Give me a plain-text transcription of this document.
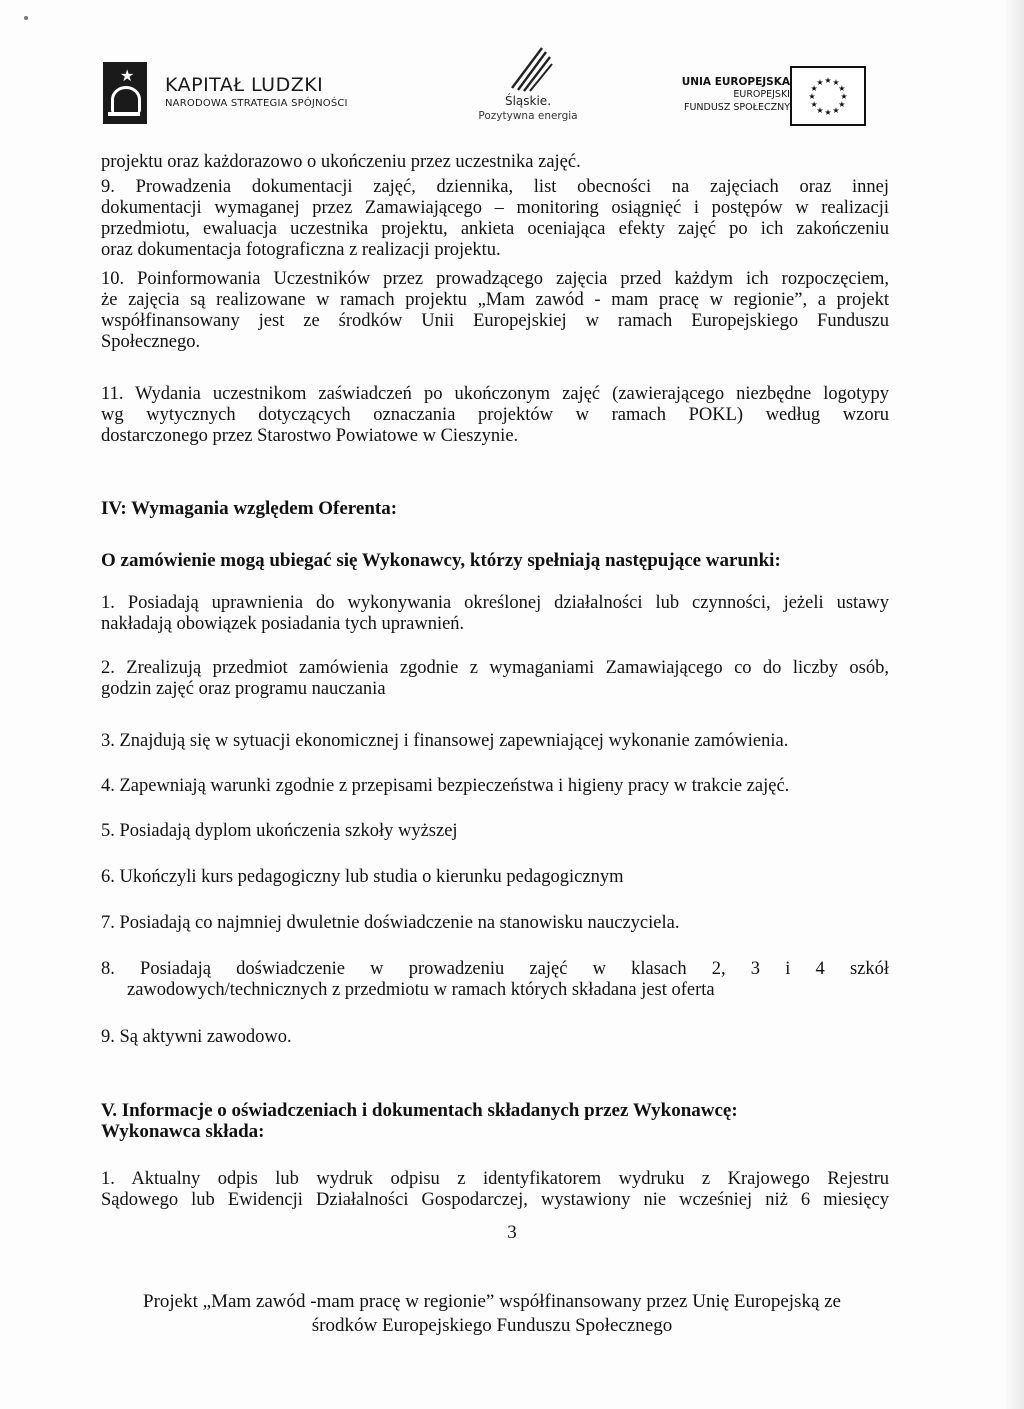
★ KAPITAŁ LUDZKI
NARODOWA STRATEGIA SPÓJNOŚCI	Śląskie.
Pozytywna energia
UNIA EUROPEJSKA
EUROPEJSKI
FUNDUSZ SPOŁECZNY
★ ★
★
★
★
★
★
★
★
★
★
★
projektu oraz każdorazowo o ukończeniu przez uczestnika zajęć.
9. Prowadzenia dokumentacji zajęć, dziennika, list obecności na zajęciach oraz innej
dokumentacji wymaganej przez Zamawiającego – monitoring osiągnięć i postępów w realizacji
przedmiotu, ewaluacja uczestnika projektu, ankieta oceniająca efekty zajęć po ich zakończeniu
oraz dokumentacja fotograficzna z realizacji projektu.
10. Poinformowania Uczestników przez prowadzącego zajęcia przed każdym ich rozpoczęciem,
że zajęcia są realizowane w ramach projektu „Mam zawód - mam pracę w regionie”, a projekt
współfinansowany jest ze środków Unii Europejskiej w ramach Europejskiego Funduszu
Społecznego.
11. Wydania uczestnikom zaświadczeń po ukończonym zajęć (zawierającego niezbędne logotypy
wg wytycznych dotyczących oznaczania projektów w ramach POKL) według wzoru
dostarczonego przez Starostwo Powiatowe w Cieszynie.
IV: Wymagania względem Oferenta:
O zamówienie mogą ubiegać się Wykonawcy, którzy spełniają następujące warunki:
1. Posiadają uprawnienia do wykonywania określonej działalności lub czynności, jeżeli ustawy
nakładają obowiązek posiadania tych uprawnień.
2. Zrealizują przedmiot zamówienia zgodnie z wymaganiami Zamawiającego co do liczby osób,
godzin zajęć oraz programu nauczania
3. Znajdują się w sytuacji ekonomicznej i finansowej zapewniającej wykonanie zamówienia.
4. Zapewniają warunki zgodnie z przepisami bezpieczeństwa i higieny pracy w trakcie zajęć.
5. Posiadają dyplom ukończenia szkoły wyższej
6. Ukończyli kurs pedagogiczny lub studia o kierunku pedagogicznym
7. Posiadają co najmniej dwuletnie doświadczenie na stanowisku nauczyciela.
8. Posiadają doświadczenie w prowadzeniu zajęć w klasach 2, 3 i 4 szkół
zawodowych/technicznych z przedmiotu w ramach których składana jest oferta
9. Są aktywni zawodowo.
V. Informacje o oświadczeniach i dokumentach składanych przez Wykonawcę:
Wykonawca składa:
1. Aktualny odpis lub wydruk odpisu z identyfikatorem wydruku z Krajowego Rejestru
Sądowego lub Ewidencji Działalności Gospodarczej, wystawiony nie wcześniej niż 6 miesięcy
3
Projekt „Mam zawód -mam pracę w regionie” współfinansowany przez Unię Europejską ze
środków Europejskiego Funduszu Społecznego
